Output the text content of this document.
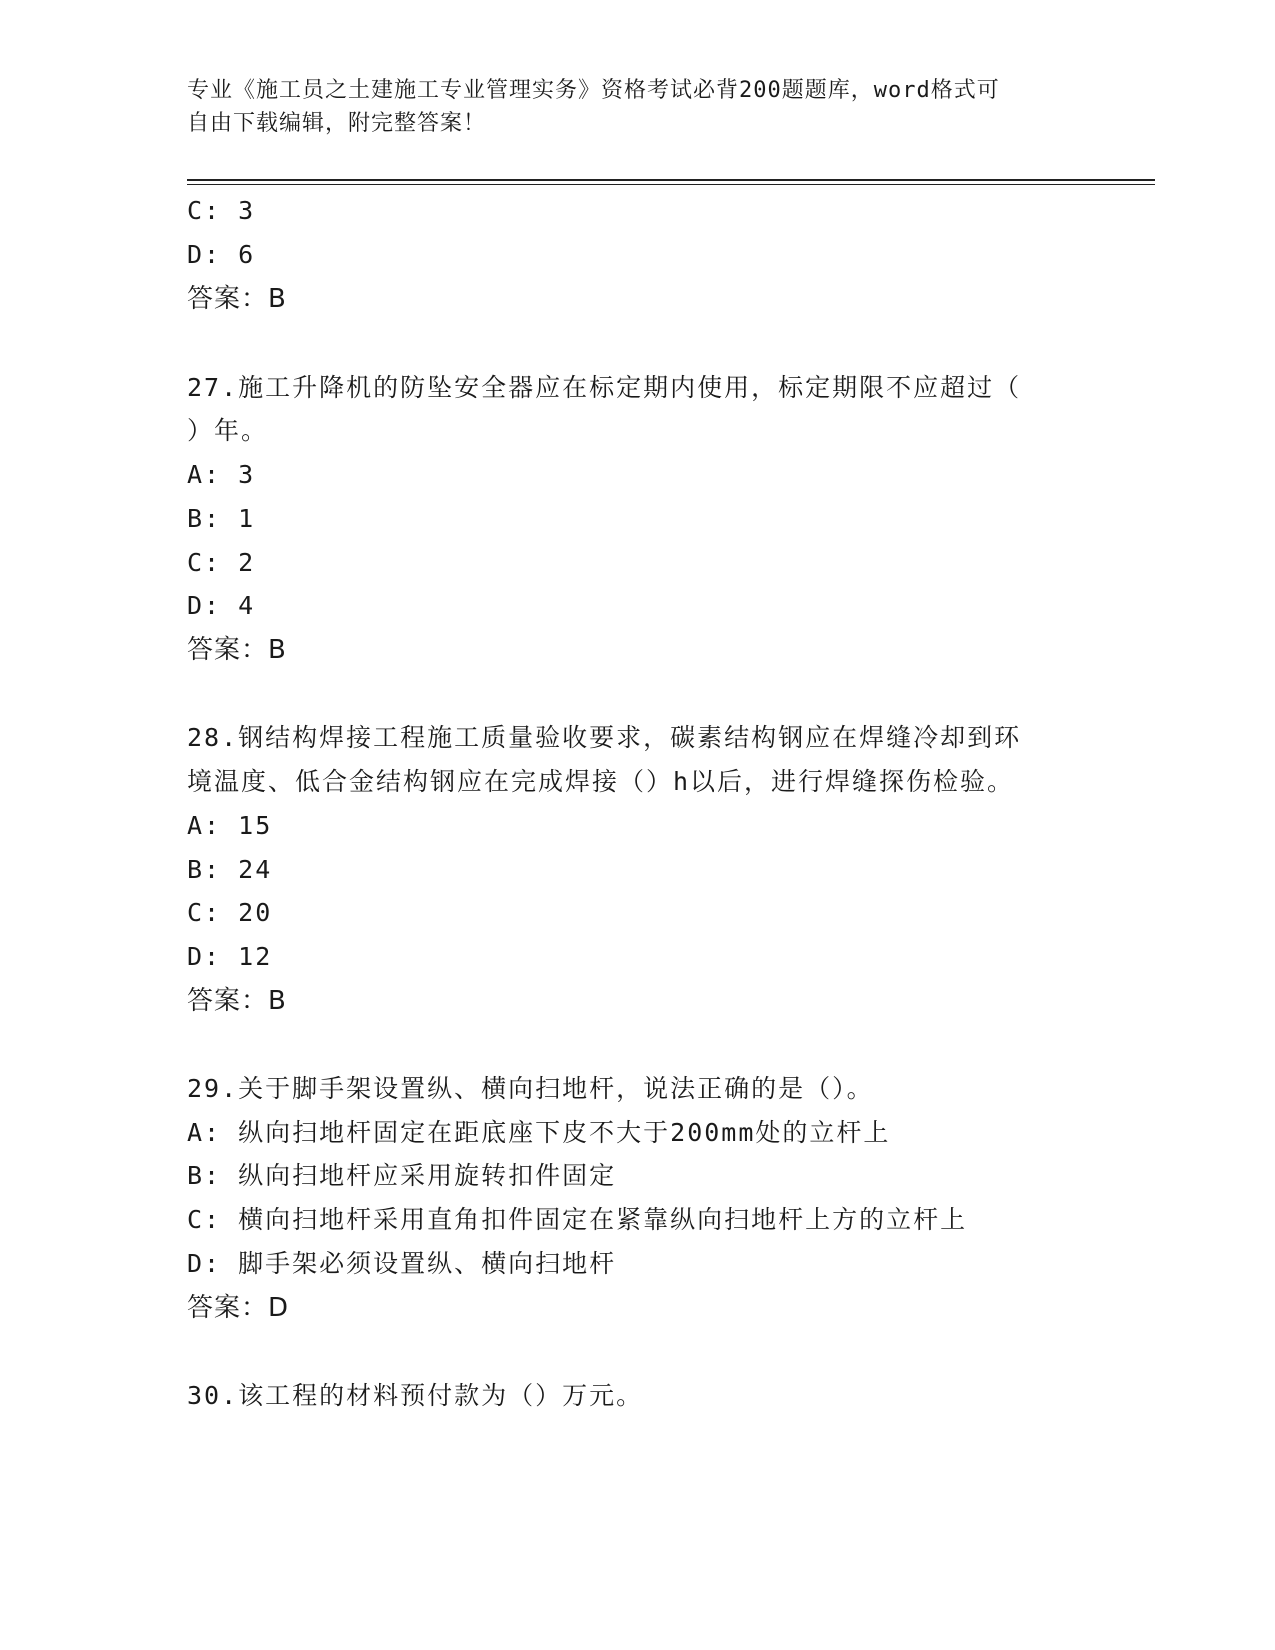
专业《施工员之土建施工专业管理实务》资格考试必背200题题库，word格式可
自由下载编辑，附完整答案！
C: 3
D: 6
答案：B
27.施工升降机的防坠安全器应在标定期内使用，标定期限不应超过（
）年。
A: 3
B: 1
C: 2
D: 4
答案：B
28.钢结构焊接工程施工质量验收要求，碳素结构钢应在焊缝冷却到环
境温度、低合金结构钢应在完成焊接（）h以后，进行焊缝探伤检验。
A: 15
B: 24
C: 20
D: 12
答案：B
29.关于脚手架设置纵、横向扫地杆，说法正确的是（）。
A: 纵向扫地杆固定在距底座下皮不大于200mm处的立杆上
B: 纵向扫地杆应采用旋转扣件固定
C: 横向扫地杆采用直角扣件固定在紧靠纵向扫地杆上方的立杆上
D: 脚手架必须设置纵、横向扫地杆
答案：D
30.该工程的材料预付款为（）万元。
